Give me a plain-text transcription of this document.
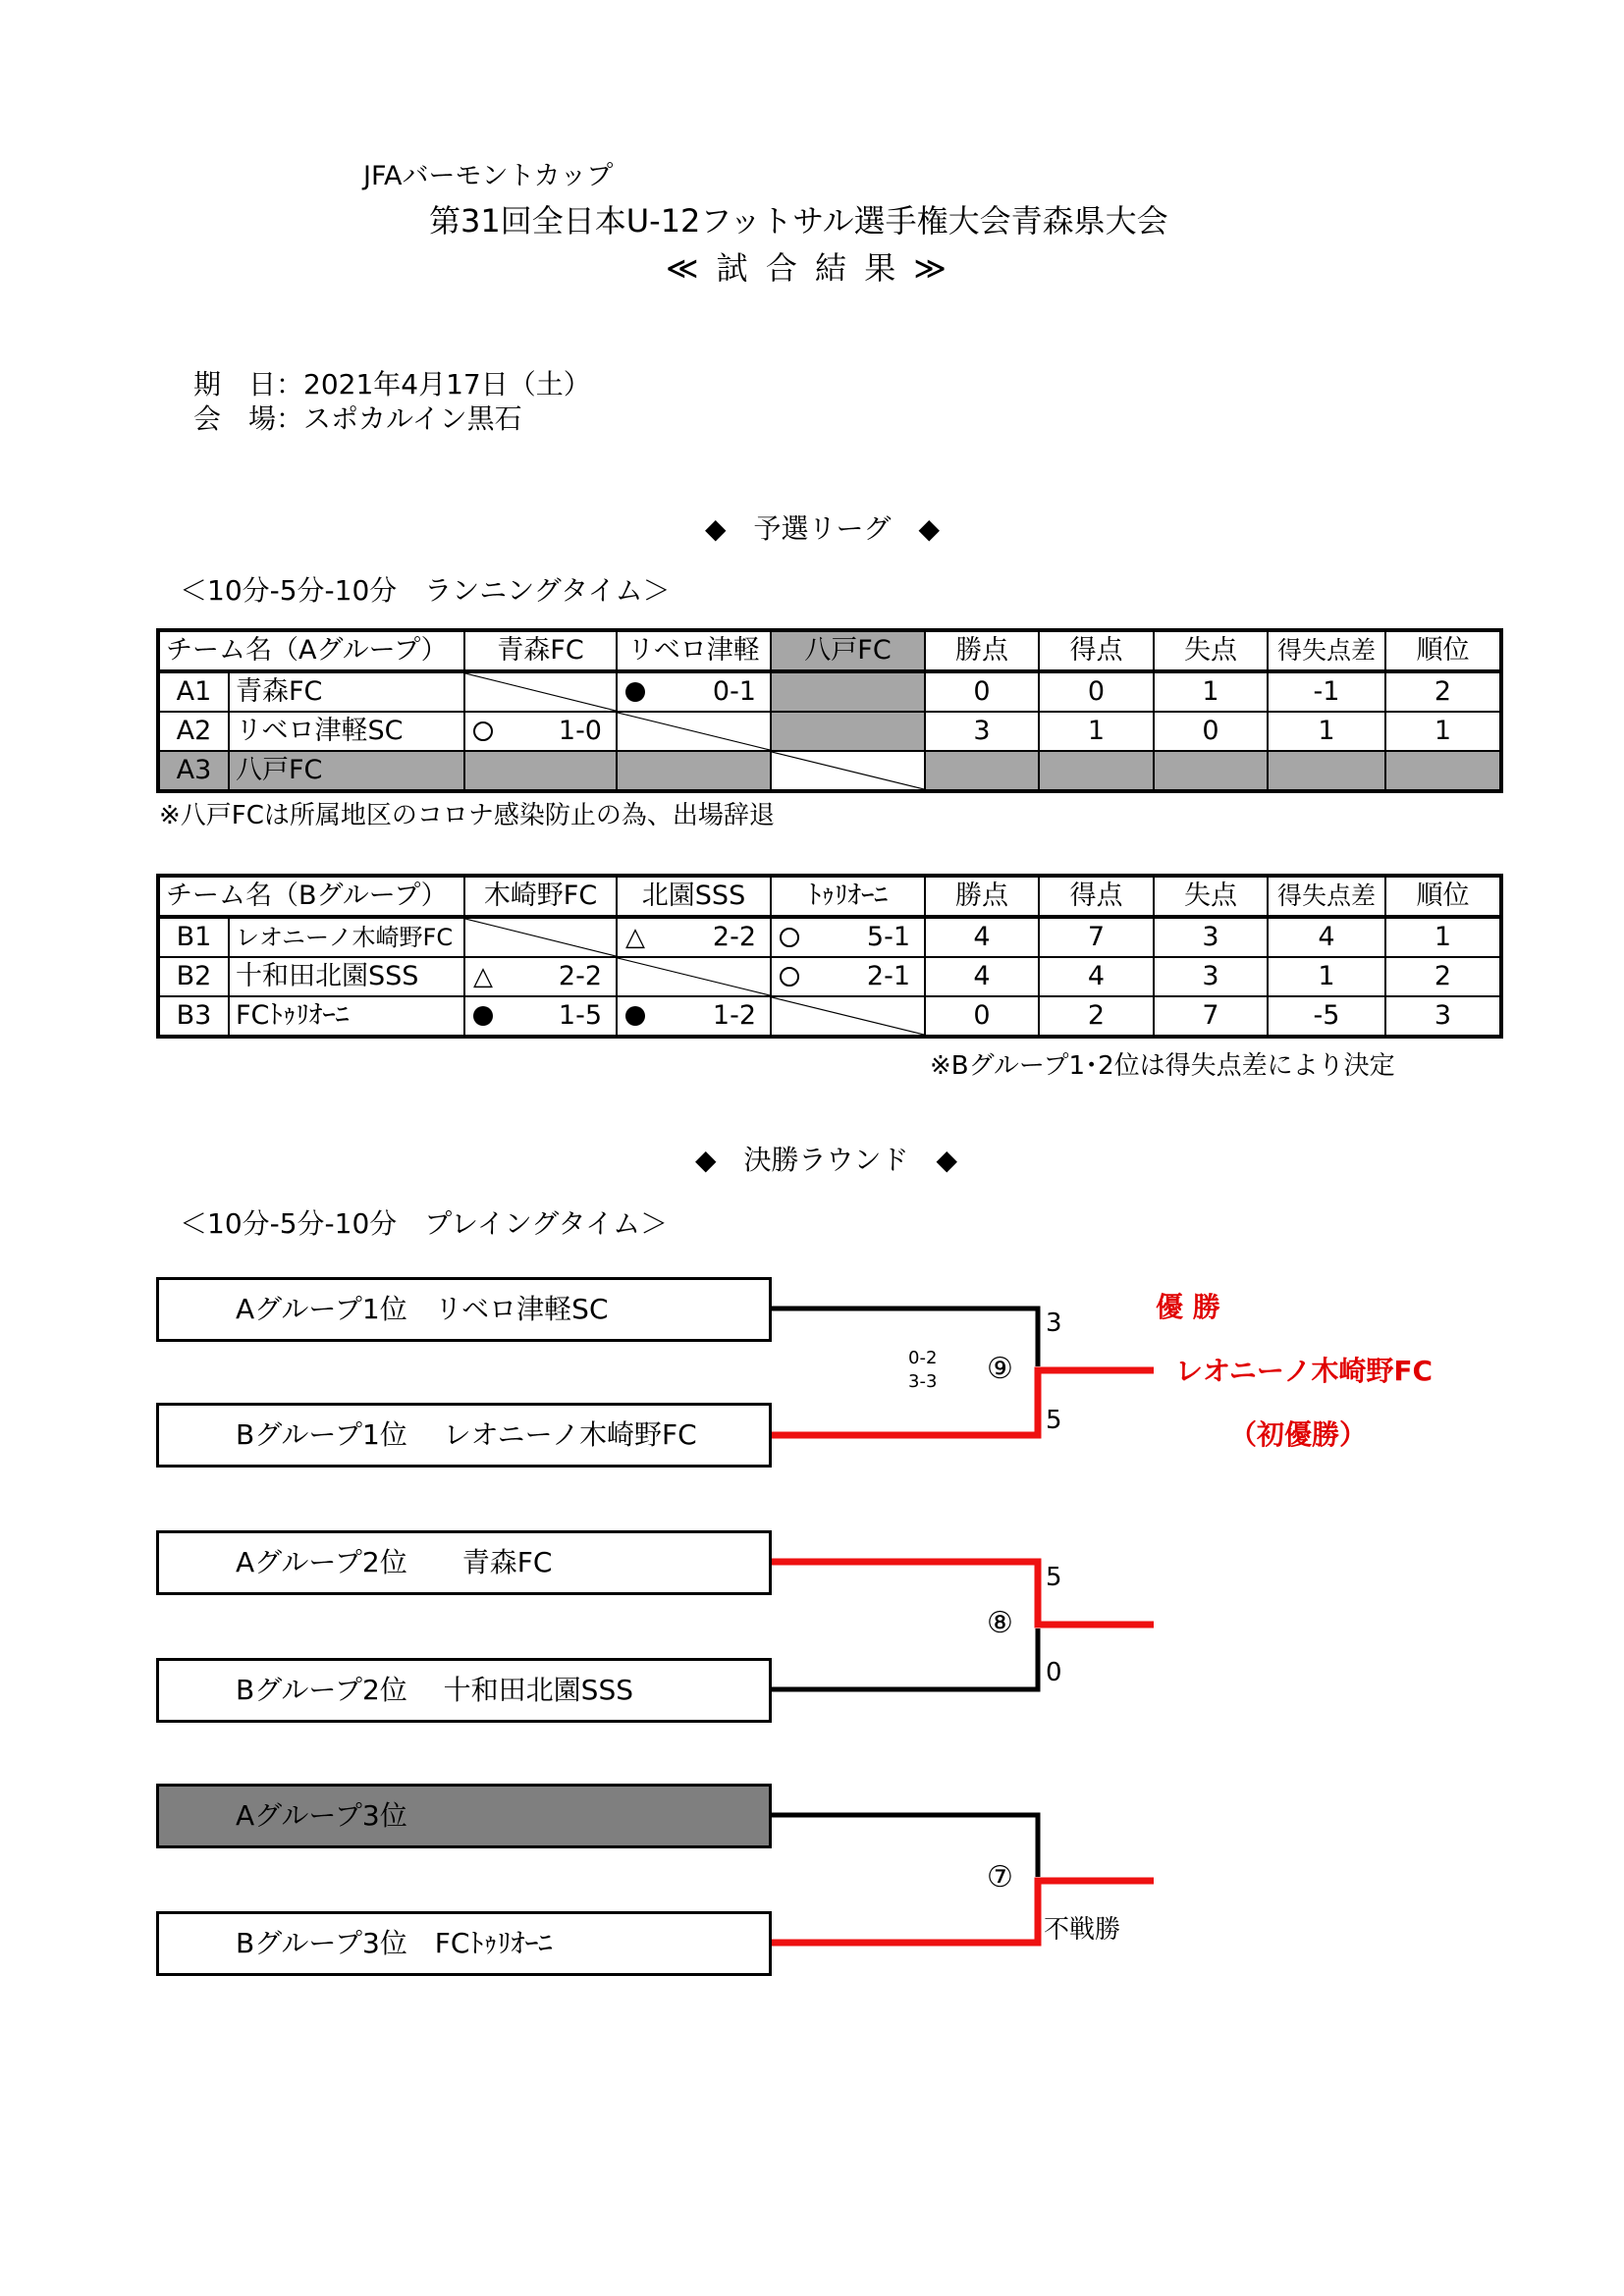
JFAバーモントカップ
第31回全日本U-12フットサル選手権大会青森県大会
≪ 試 合 結 果 ≫
期　日：2021年4月17日（土）
会　場：スポカルイン黒石
◆　予選リーグ　◆
＜10分-5分-10分　ランニングタイム＞
チーム名（Aグループ）		青森FC	リベロ津軽	八戸FC	勝点	得点	失点	得失点差	順位
A1	青森FC		0-1		0	0	1	-1	2
A2	リベロ津軽SC	1-0			3	1	0	1	1
A3	八戸FC			

※八戸FCは所属地区のコロナ感染防止の為、出場辞退
チーム名（Bグループ）		木崎野FC	北園SSS	ﾄｩﾘｵｰﾆ	勝点	得点	失点	得失点差	順位
B1	レオニーノ木崎野FC		△ 2-2	5-1	4	7	3	4	1
B2	十和田北園SSS	△ 2-2		2-1	4	4	3	1	2
B3	FCﾄｩﾘｵｰﾆ	1-5	1-2		0	2	7	-5	3
※Bグループ1･2位は得失点差により決定
◆　決勝ラウンド　◆
＜10分-5分-10分　プレイングタイム＞
Aグループ1位　リベロ津軽SC
Bグループ1位　 レオニーノ木崎野FC
Aグループ2位　　青森FC
Bグループ2位　 十和田北園SSS
Aグループ3位
Bグループ3位　FCﾄｩﾘｵｰﾆ
3
5
0-2
3-3 ⑨
5
0
⑧
⑦
不戦勝
優 勝
レオニーノ木崎野FC
（初優勝）
